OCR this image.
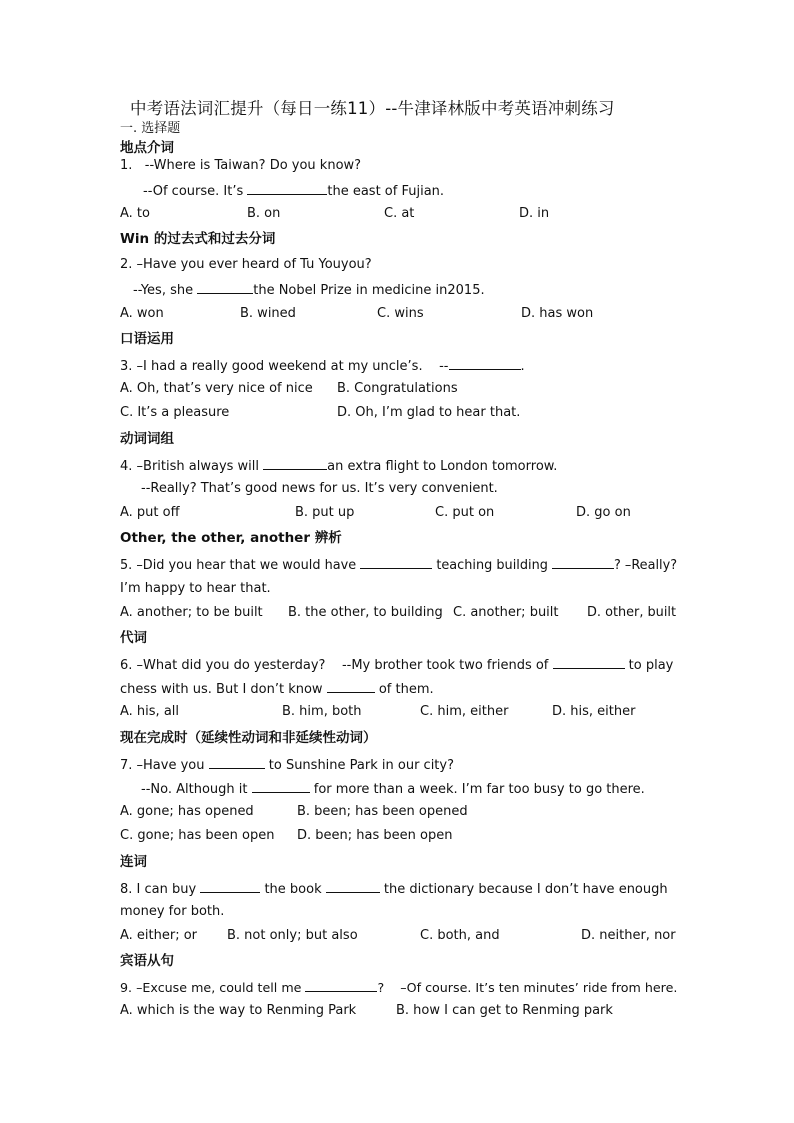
中考语法词汇提升（每日一练11）--牛津译林版中考英语冲刺练习
一. 选择题
地点介词
1.   --Where is Taiwan? Do you know?
--Of course. It’s	the east of Fujian.
A. to	B. on	C. at	D. in
Win 的过去式和过去分词
2. –Have you ever heard of Tu Youyou?
--Yes, she	the Nobel Prize in medicine in2015.
A. won	B. wined	C. wins	D. has won
口语运用
3. –I had a really good weekend at my uncle’s.    --	.
A. Oh, that’s very nice of nice B. Congratulations
C. It’s a pleasure	D. Oh, I’m glad to hear that.
动词词组
4. –British always will	an extra flight to London tomorrow.
--Really? That’s good news for us. It’s very convenient.
A. put off	B. put up	C. put on	D. go on
Other, the other, another 辨析
5. –Did you hear that we would have	teaching building	? –Really?
I’m happy to hear that.
A. another; to be built B. the other, to building C. another; built D. other, built
代词
6. –What did you do yesterday?    --My brother took two friends of	to play
chess with us. But I don’t know	of them.
A. his, all	B. him, both	C. him, either	D. his, either
现在完成时（延续性动词和非延续性动词）
7. –Have you	to Sunshine Park in our city?
--No. Although it	for more than a week. I’m far too busy to go there.
A. gone; has opened	B. been; has been opened
C. gone; has been open D. been; has been open
连词
8. I can buy	the book	the dictionary because I don’t have enough
money for both.
A. either; or B. not only; but also	C. both, and	D. neither, nor
宾语从句
9. –Excuse me, could tell me	?    –Of course. It’s ten minutes’ ride from here.
A. which is the way to Renming Park	B. how I can get to Renming park
